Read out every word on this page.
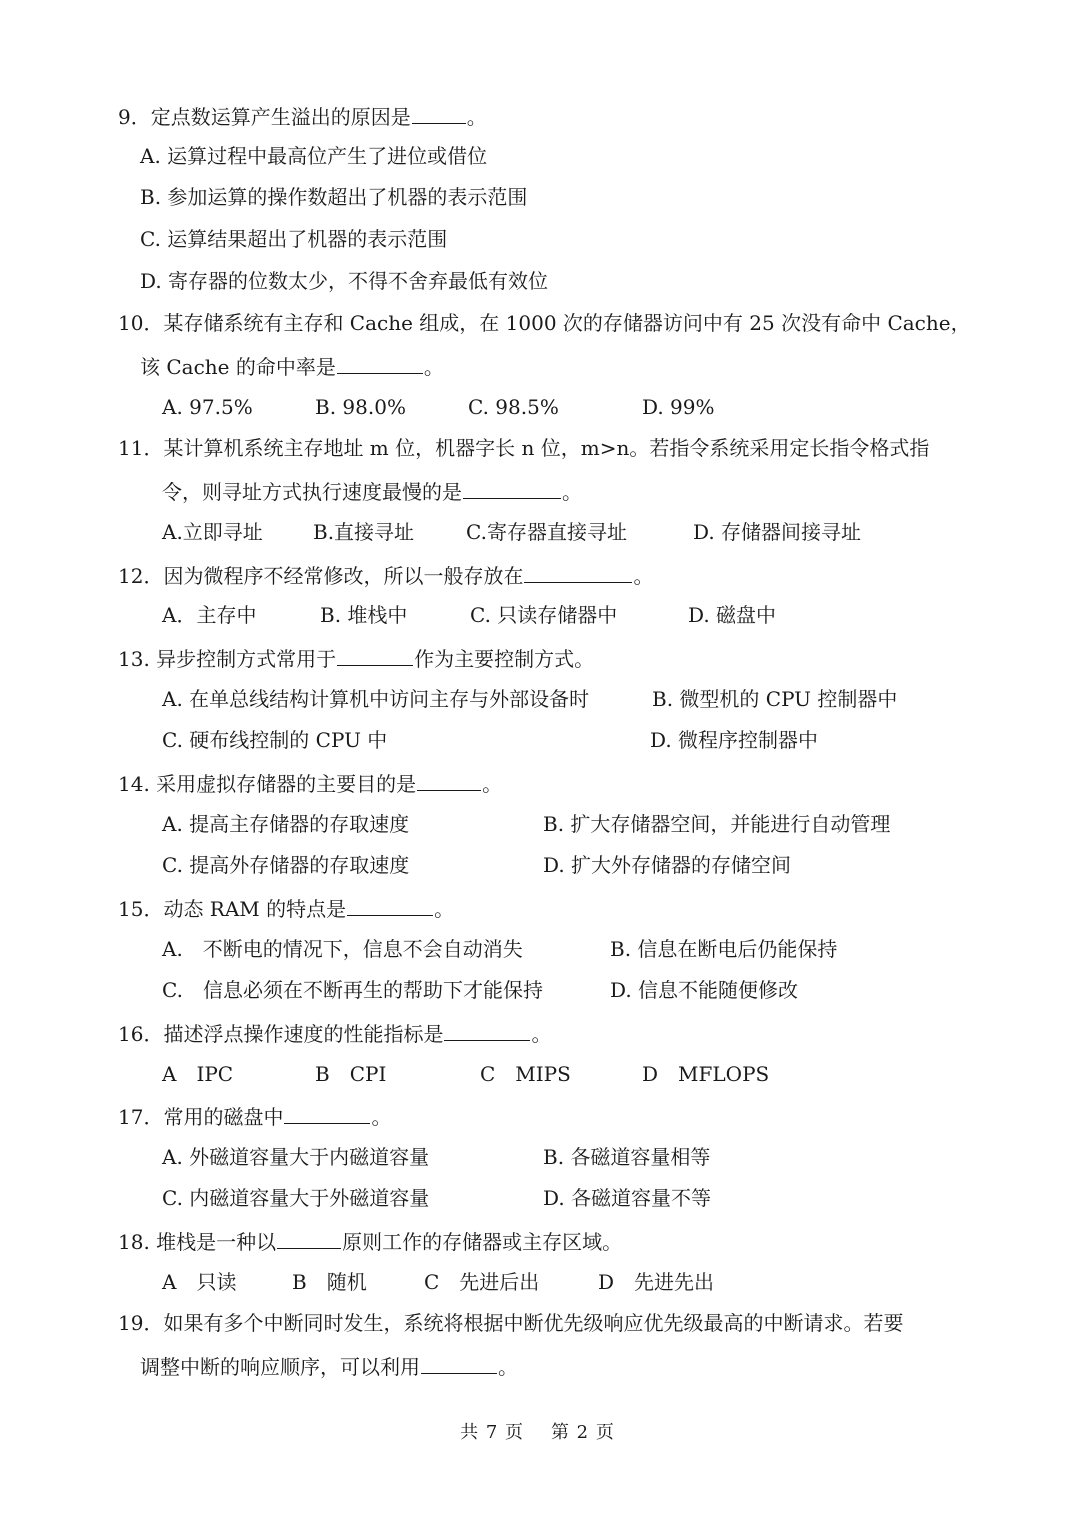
9．定点数运算产生溢出的原因是	。
A. 运算过程中最高位产生了进位或借位
B. 参加运算的操作数超出了机器的表示范围
C. 运算结果超出了机器的表示范围
D. 寄存器的位数太少，不得不舍弃最低有效位
10．某存储系统有主存和 Cache 组成，在 1000 次的存储器访问中有 25 次没有命中 Cache，
该 Cache 的命中率是	。
A. 97.5%	B. 98.0%	C. 98.5%	D. 99%
11．某计算机系统主存地址 m 位，机器字长 n 位，m>n。若指令系统采用定长指令格式指
令，则寻址方式执行速度最慢的是	。
A.立即寻址	B.直接寻址	C.寄存器直接寻址	D. 存储器间接寻址
12．因为微程序不经常修改，所以一般存放在	。
A．主存中	B. 堆栈中	C. 只读存储器中	D. 磁盘中
13. 异步控制方式常用于	作为主要控制方式。
A. 在单总线结构计算机中访问主存与外部设备时	B. 微型机的 CPU 控制器中
C. 硬布线控制的 CPU 中	D. 微程序控制器中
14. 采用虚拟存储器的主要目的是	。
A. 提高主存储器的存取速度	B. 扩大存储器空间，并能进行自动管理
C. 提高外存储器的存取速度	D. 扩大外存储器的存储空间
15．动态 RAM 的特点是	。
A.　不断电的情况下，信息不会自动消失	B. 信息在断电后仍能保持
C.　信息必须在不断再生的帮助下才能保持	D. 信息不能随便修改
16．描述浮点操作速度的性能指标是	。
A　IPC	B　CPI	C　MIPS	D　MFLOPS
17．常用的磁盘中	。
A. 外磁道容量大于内磁道容量	B. 各磁道容量相等
C. 内磁道容量大于外磁道容量	D. 各磁道容量不等
18. 堆栈是一种以	原则工作的存储器或主存区域。
A　只读	B　随机	C　先进后出	D　先进先出
19．如果有多个中断同时发生，系统将根据中断优先级响应优先级最高的中断请求。若要
调整中断的响应顺序，可以利用	。
共 7 页 第 2 页
